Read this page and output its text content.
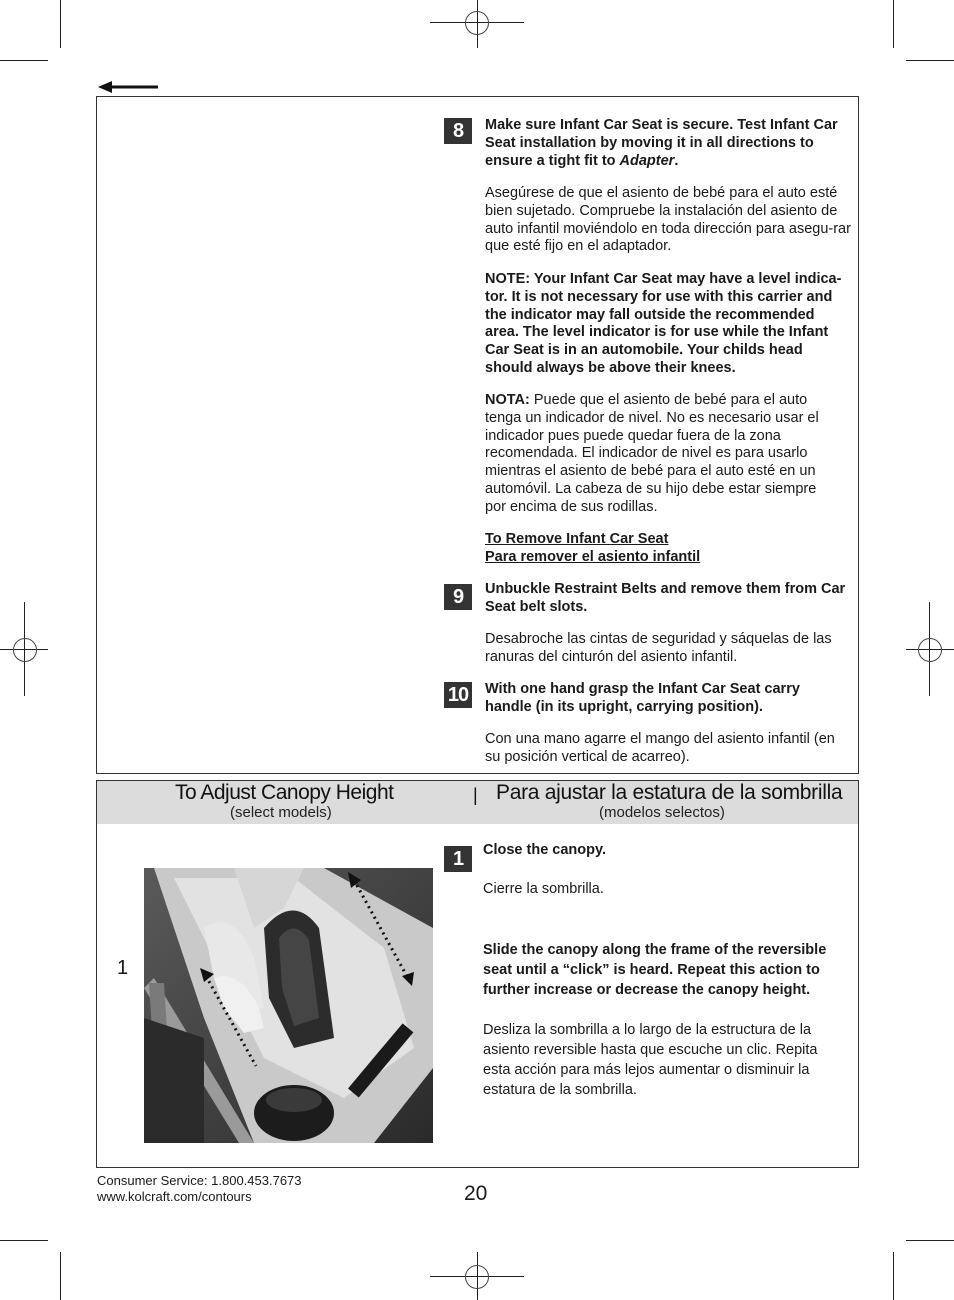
8	Make sure Infant Car Seat is secure. Test Infant Car Seat installation by moving it in all directions to ensure a tight fit to Adapter.
Asegúrese de que el asiento de bebé para el auto esté bien sujetado. Compruebe la instalación del asiento de auto infantil moviéndolo en toda dirección para asegu-rar que esté fijo en el adaptador.
NOTE: Your Infant Car Seat may have a level indica-tor. It is not necessary for use with this carrier and the indicator may fall outside the recommended area. The level indicator is for use while the Infant Car Seat is in an automobile. Your childs head should always be above their knees.
NOTA: Puede que el asiento de bebé para el auto tenga un indicador de nivel. No es necesario usar el indicador pues puede quedar fuera de la zona recomendada. El indicador de nivel es para usarlo mientras el asiento de bebé para el auto esté en un automóvil. La cabeza de su hijo debe estar siempre por encima de sus rodillas.
To Remove Infant Car Seat
Para remover el asiento infantil
9	Unbuckle Restraint Belts and remove them from Car Seat belt slots.
Desabroche las cintas de seguridad y sáquelas de las ranuras del cinturón del asiento infantil.
10 With one hand grasp the Infant Car Seat carry handle (in its upright, carrying position).
Con una mano agarre el mango del asiento infantil (en su posición vertical de acarreo).
To Adjust Canopy Height
(select models)
| Para ajustar la estatura de la sombrilla
(modelos selectos)
1
1	Close the canopy.
Cierre la sombrilla.
Slide the canopy along the frame of the reversible seat until a “click” is heard. Repeat this action to further increase or decrease the canopy height.
Desliza la sombrilla a lo largo de la estructura de la asiento reversible hasta que escuche un clic. Repita esta acción para más lejos aumentar o disminuir la estatura de la sombrilla.
Consumer Service: 1.800.453.7673
www.kolcraft.com/contours	20
